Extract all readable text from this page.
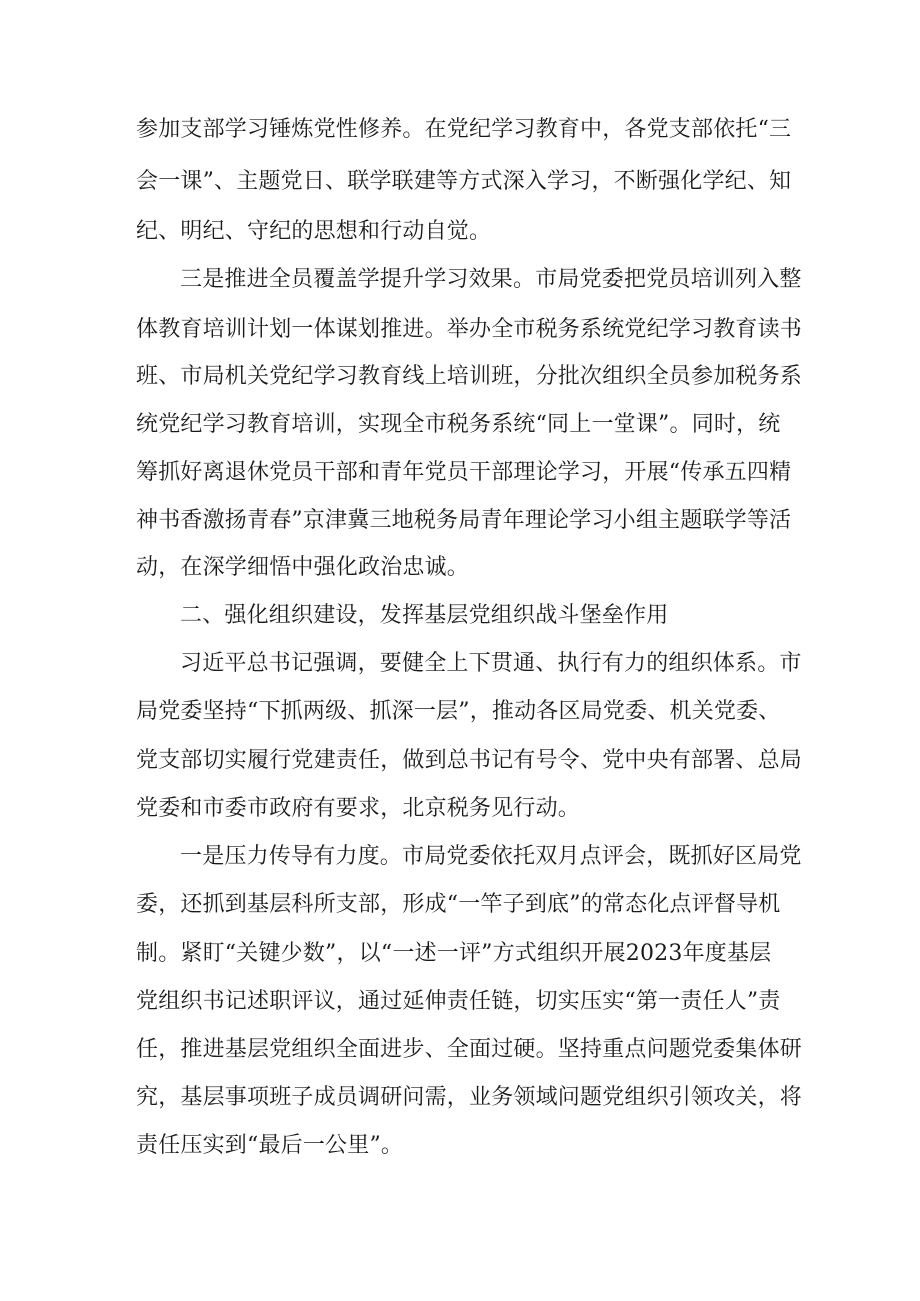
参加支部学习锤炼党性修养。在党纪学习教育中，各党支部依托“三
会一课”、主题党日、联学联建等方式深入学习，不断强化学纪、知
纪、明纪、守纪的思想和行动自觉。
三是推进全员覆盖学提升学习效果。市局党委把党员培训列入整
体教育培训计划一体谋划推进。举办全市税务系统党纪学习教育读书
班、市局机关党纪学习教育线上培训班，分批次组织全员参加税务系
统党纪学习教育培训，实现全市税务系统“同上一堂课”。同时，统
筹抓好离退休党员干部和青年党员干部理论学习，开展“传承五四精
神书香激扬青春”京津冀三地税务局青年理论学习小组主题联学等活
动，在深学细悟中强化政治忠诚。
二、强化组织建设，发挥基层党组织战斗堡垒作用
习近平总书记强调，要健全上下贯通、执行有力的组织体系。市
局党委坚持“下抓两级、抓深一层”，推动各区局党委、机关党委、
党支部切实履行党建责任，做到总书记有号令、党中央有部署、总局
党委和市委市政府有要求，北京税务见行动。
一是压力传导有力度。市局党委依托双月点评会，既抓好区局党
委，还抓到基层科所支部，形成“一竿子到底”的常态化点评督导机
制。紧盯“关键少数”，以“一述一评”方式组织开展2023年度基层
党组织书记述职评议，通过延伸责任链，切实压实“第一责任人”责
任，推进基层党组织全面进步、全面过硬。坚持重点问题党委集体研
究，基层事项班子成员调研问需，业务领域问题党组织引领攻关，将
责任压实到“最后一公里”。
